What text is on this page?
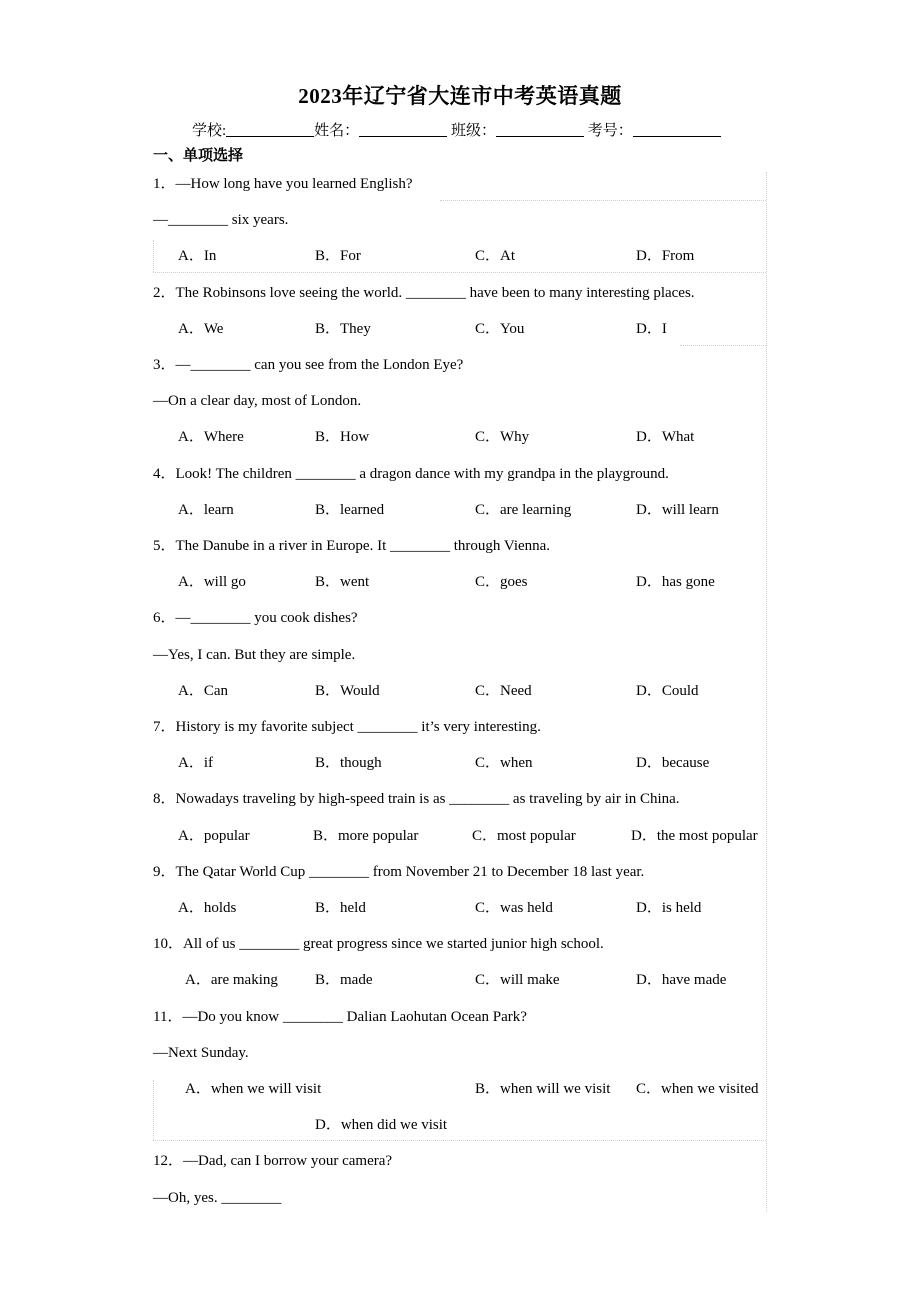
2023年辽宁省大连市中考英语真题
学校:	姓名：	班级：	考号：
一、单项选择
1．—How long have you learned English?
—________ six years.
A．In	B．For	C．At	D．From
2．The Robinsons love seeing the world. ________ have been to many interesting places.
A．We	B．They	C．You	D．I
3．—________ can you see from the London Eye?
—On a clear day, most of London.
A．Where	B．How	C．Why	D．What
4．Look! The children ________ a dragon dance with my grandpa in the playground.
A．learn	B．learned	C．are learning	D．will learn
5．The Danube in a river in Europe. It ________ through Vienna.
A．will go	B．went	C．goes	D．has gone
6．—________ you cook dishes?
—Yes, I can. But they are simple.
A．Can	B．Would	C．Need	D．Could
7．History is my favorite subject ________ it’s very interesting.
A．if	B．though	C．when	D．because
8．Nowadays traveling by high-speed train is as ________ as traveling by air in China.
A．popular	B．more popular	C．most popular	D．the most popular
9．The Qatar World Cup ________ from November 21 to December 18 last year.
A．holds	B．held	C．was held	D．is held
10．All of us ________ great progress since we started junior high school.
A．are making B．made	C．will make	D．have made
11．—Do you know ________ Dalian Laohutan Ocean Park?
—Next Sunday.
A．when we will visit	B．when will we visit C．when we visited
D．when did we visit
12．—Dad, can I borrow your camera?
—Oh, yes. ________
